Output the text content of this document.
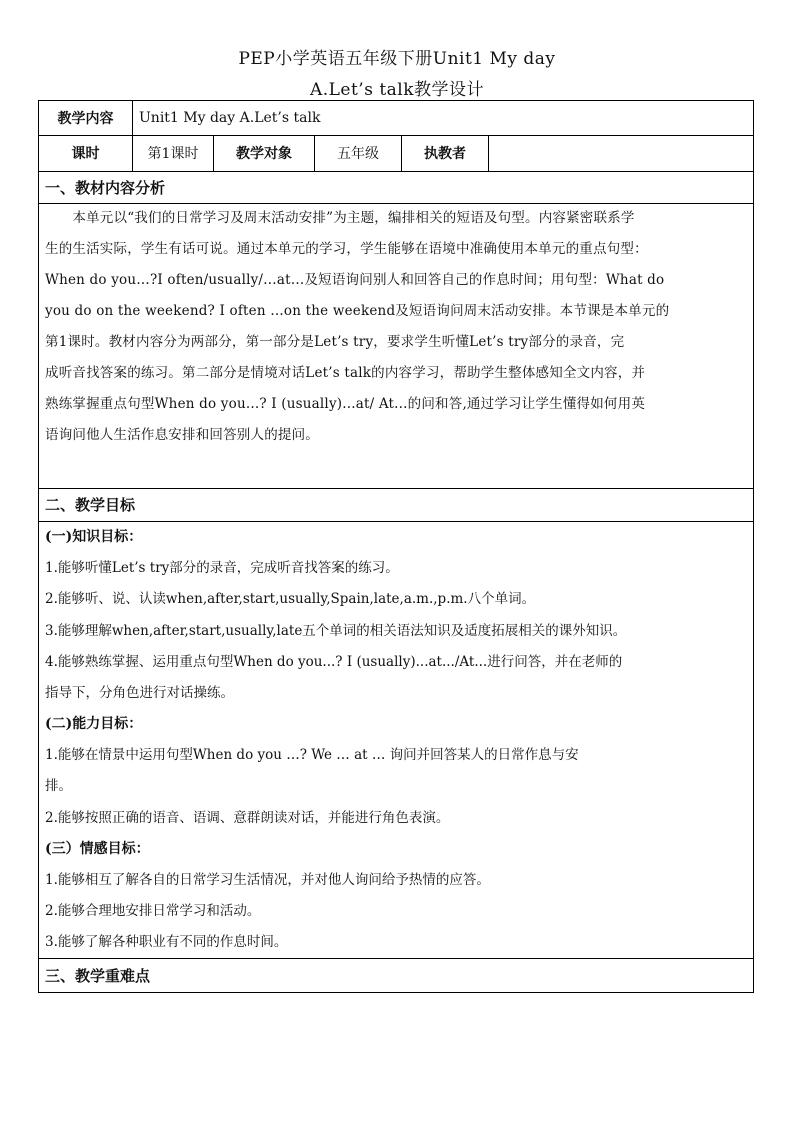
PEP小学英语五年级下册Unit1 My day
A.Let’s talk教学设计
教学内容	Unit1 My day A.Let’s talk
课时	第1课时	教学对象	五年级	执教者
一、教材内容分析

　　本单元以“我们的日常学习及周末活动安排”为主题，编排相关的短语及句型。内容紧密联系学

生的生活实际，学生有话可说。通过本单元的学习，学生能够在语境中准确使用本单元的重点句型：

When do you…?I often/usually/…at…及短语询问别人和回答自己的作息时间；用句型：What do

you do on the weekend? I often …on the weekend及短语询问周末活动安排。本节课是本单元的

第1课时。教材内容分为两部分，第一部分是Let’s try，要求学生听懂Let’s try部分的录音，完

成听音找答案的练习。第二部分是情境对话Let’s talk的内容学习，帮助学生整体感知全文内容，并

熟练掌握重点句型When do you...? I (usually)...at/ At...的问和答,通过学习让学生懂得如何用英

语询问他人生活作息安排和回答别人的提问。

二、教学目标
(一)知识目标：
1.能够听懂Let’s try部分的录音，完成听音找答案的练习。
2.能够听、说、认读when,after,start,usually,Spain,late,a.m.,p.m.八个单词。
3.能够理解when,after,start,usually,late五个单词的相关语法知识及适度拓展相关的课外知识。
4.能够熟练掌握、运用重点句型When do you...? I (usually)...at.../At...进行问答，并在老师的
指导下，分角色进行对话操练。
(二)能力目标：
1.能够在情景中运用句型When do you …? We … at … 询问并回答某人的日常作息与安
排。
2.能够按照正确的语音、语调、意群朗读对话，并能进行角色表演。
(三）情感目标：
1.能够相互了解各自的日常学习生活情况，并对他人询问给予热情的应答。
2.能够合理地安排日常学习和活动。
3.能够了解各种职业有不同的作息时间。
三、教学重难点
